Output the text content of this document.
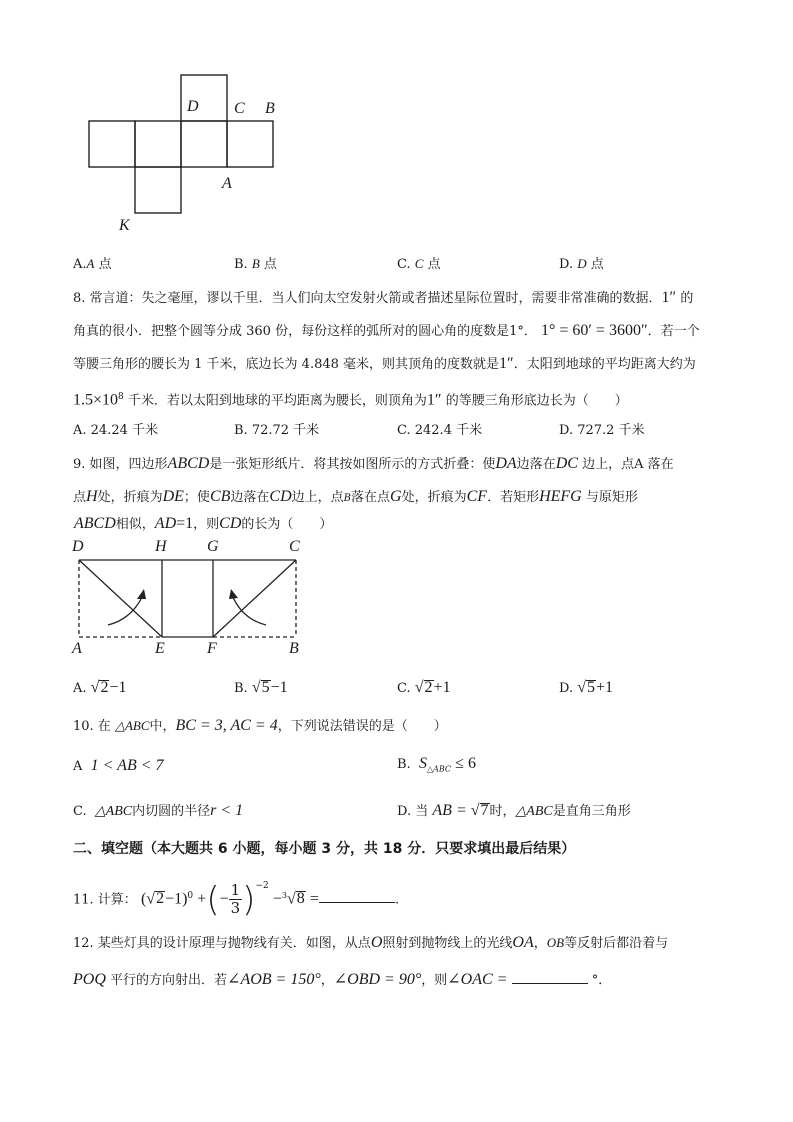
D C B
A
K
A.A 点	B. B 点	C. C 点	D. D 点
8. 常言道：失之毫厘，谬以千里．当人们向太空发射火箭或者描述星际位置时，需要非常准确的数据．1″ 的
角真的很小．把整个圆等分成 360 份，每份这样的弧所对的圆心角的度数是1°． 1° = 60′ = 3600″．若一个
等腰三角形的腰长为 1 千米，底边长为 4.848 毫米，则其顶角的度数就是1″．太阳到地球的平均距离大约为
$1.5\times 10^8$ 千米．若以太阳到地球的平均距离为腰长，则顶角为1″ 的等腰三角形底边长为（　　）
A. 24.24 千米	B. 72.72 千米	C. 242.4 千米	D. 727.2 千米
9. 如图，四边形ABCD是一张矩形纸片．将其按如图所示的方式折叠：使DA边落在DC 边上，点A 落在
点H处，折痕为DE；使CB边落在CD边上，点B落在点G处，折痕为CF．若矩形HEFG 与原矩形
ABCD相似，AD=1，则CD的长为（　　）
D	H	G	C
A	E	F	B
A. √2−1	B. √5−1	C. √2+1	D. √5+1
10. 在 △ABC中，BC = 3, AC = 4，下列说法错误的是（　　）
A 1 < AB < 7	B. $S_{\triangle ABC} \le 6$
C. △ABC内切圆的半径r < 1	D. 当 AB = √7时，△ABC是直角三角形
二、填空题（本大题共 6 小题，每小题 3 分，共 18 分．只要求填出最后结果）
11. 计算： $(√2-1)^0$ +(− $\frac{1}{3} )^{-2} -^3√8$ =	.
12. 某些灯具的设计原理与抛物线有关．如图，从点O照射到抛物线上的光线OA，OB等反射后都沿着与
POQ 平行的方向射出．若∠AOB = 150°，∠OBD = 90°，则∠OAC =	°．
